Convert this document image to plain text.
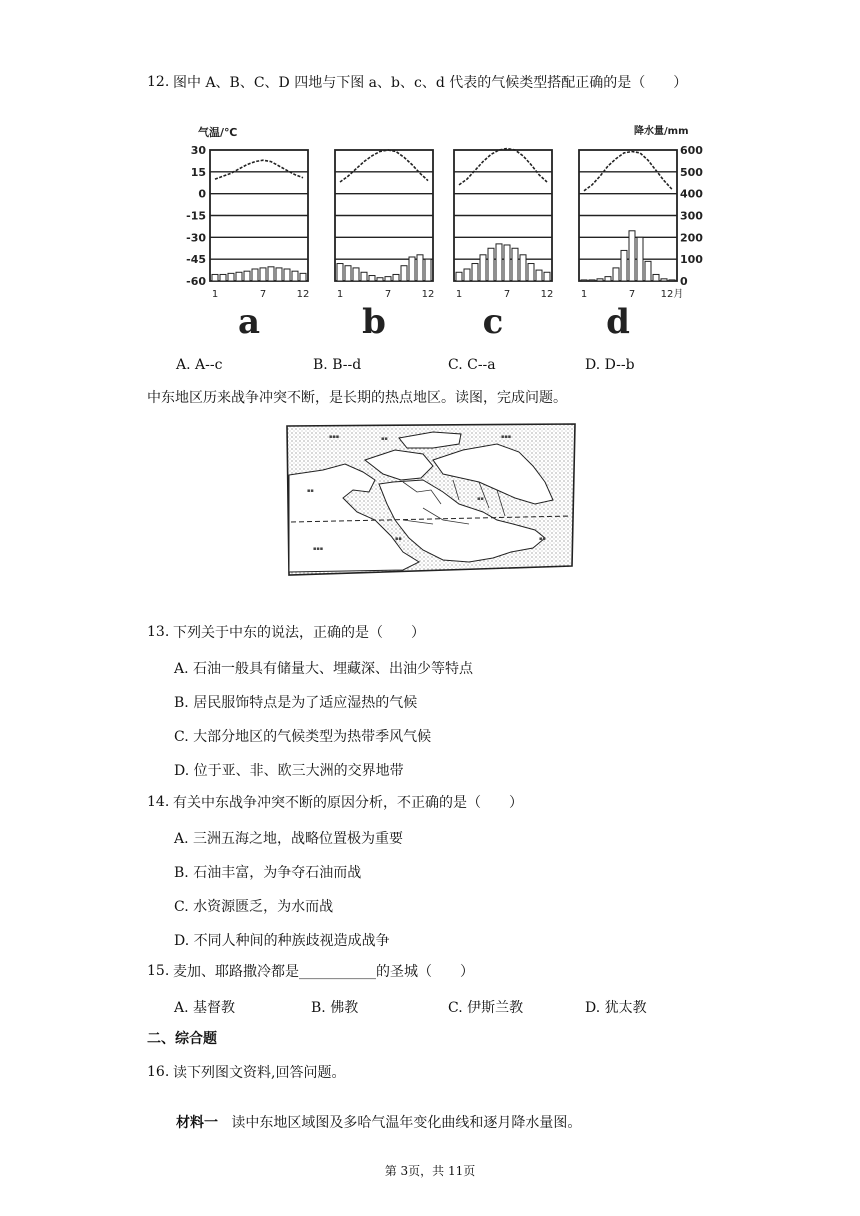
12. 图中 A、B、C、D 四地与下图 a、b、c、d 代表的气候类型搭配正确的是（　　）
气温/℃	降水量/mm
30
15
0
-15
-30
-45
-60
600
500
400
300
200
100
0
1	7	12
a
1	7	12
b
1	7	12
c
1	7	12月
d
A. A--c	B. B--d	C. C--a	D. D--b
中东地区历来战争冲突不断，是长期的热点地区。读图，完成问题。
▪▪▪	▪▪	▪▪▪
▪▪
▪▪▪
▪▪
▪▪
▪▪
13. 下列关于中东的说法，正确的是（　　）
A. 石油一般具有储量大、埋藏深、出油少等特点
B. 居民服饰特点是为了适应湿热的气候
C. 大部分地区的气候类型为热带季风气候
D. 位于亚、非、欧三大洲的交界地带
14. 有关中东战争冲突不断的原因分析，不正确的是（　　）
A. 三洲五海之地，战略位置极为重要
B. 石油丰富，为争夺石油而战
C. 水资源匮乏，为水而战
D. 不同人种间的种族歧视造成战争
15. 麦加、耶路撒冷都是___________的圣城（　　）
A. 基督教	B. 佛教	C. 伊斯兰教	D. 犹太教
二、综合题
16. 读下列图文资料,回答问题。
材料一 读中东地区域图及多哈气温年变化曲线和逐月降水量图。
第 3页，共 11页
